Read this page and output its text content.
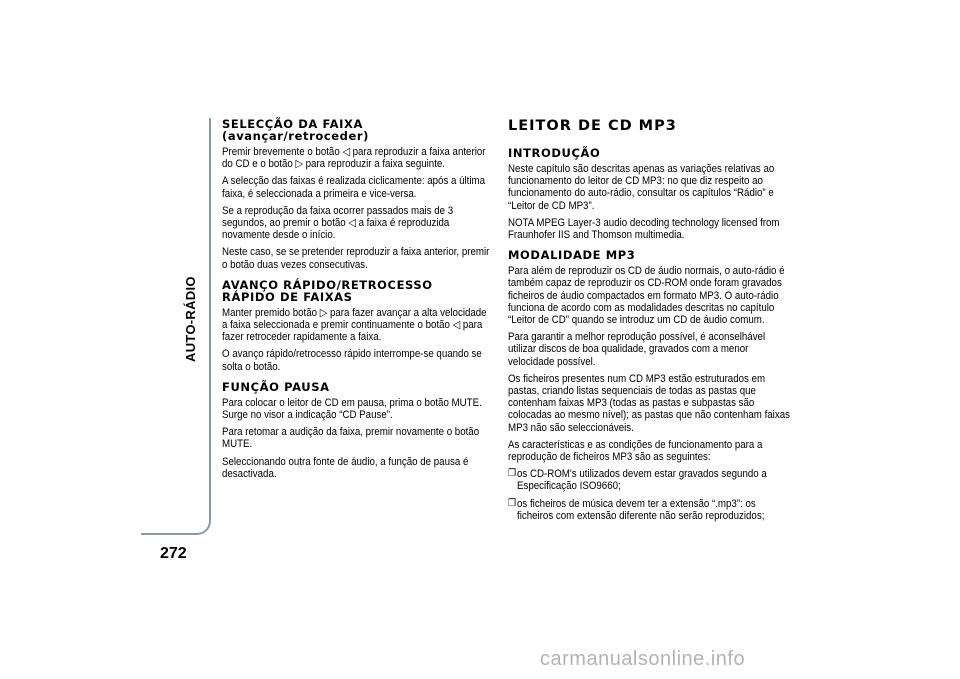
AUTO-RÁDIO
272
SELECÇÃO DA FAIXA
(avançar/retroceder)

Premir brevemente o botão ◁ para reproduzir a faixa anterior do CD e o botão ▷ para reproduzir a faixa seguinte.

A selecção das faixas é realizada ciclicamente: após a última faixa, é seleccionada a primeira e vice-versa.

Se a reprodução da faixa ocorrer passados mais de 3 segundos, ao premir o botão ◁ a faixa é reproduzida novamente desde o início.

Neste caso, se se pretender reproduzir a faixa anterior, premir o botão duas vezes consecutivas.

AVANÇO RÁPIDO/RETROCESSO
RÁPIDO DE FAIXAS

Manter premido botão ▷ para fazer avançar a alta velocidade a faixa seleccionada e premir continuamente o botão ◁ para fazer retroceder rapidamente a faixa.

O avanço rápido/retrocesso rápido interrompe-se quando se solta o botão.

FUNÇÃO PAUSA

Para colocar o leitor de CD em pausa, prima o botão MUTE. Surge no visor a indicação “CD Pause”.

Para retomar a audição da faixa, premir novamente o botão MUTE.

Seleccionando outra fonte de áudio, a função de pausa é desactivada.

LEITOR DE CD MP3
INTRODUÇÃO

Neste capítulo são descritas apenas as variações relativas ao funcionamento do leitor de CD MP3: no que diz respeito ao funcionamento do auto-rádio, consultar os capítulos “Rádio” e “Leitor de CD MP3”.

NOTA MPEG Layer-3 audio decoding technology licensed from Fraunhofer IIS and Thomson multimedia.

MODALIDADE MP3

Para além de reproduzir os CD de áudio normais, o auto-rádio é também capaz de reproduzir os CD-ROM onde foram gravados ficheiros de áudio compactados em formato MP3. O auto-rádio funciona de acordo com as modalidades descritas no capítulo “Leitor de CD” quando se introduz um CD de áudio comum.

Para garantir a melhor reprodução possível, é aconselhável utilizar discos de boa qualidade, gravados com a menor velocidade possível.

Os ficheiros presentes num CD MP3 estão estruturados em pastas, criando listas sequenciais de todas as pastas que contenham faixas MP3 (todas as pastas e subpastas são colocadas ao mesmo nível); as pastas que não contenham faixas MP3 não são seleccionáveis.

As características e as condições de funcionamento para a reprodução de ficheiros MP3 são as seguintes:

❒ os CD-ROM's utilizados devem estar gravados segundo a Especificação ISO9660;

❒ os ficheiros de música devem ter a extensão “.mp3”: os ficheiros com extensão diferente não serão reproduzidos;

carmanualsonline.info
